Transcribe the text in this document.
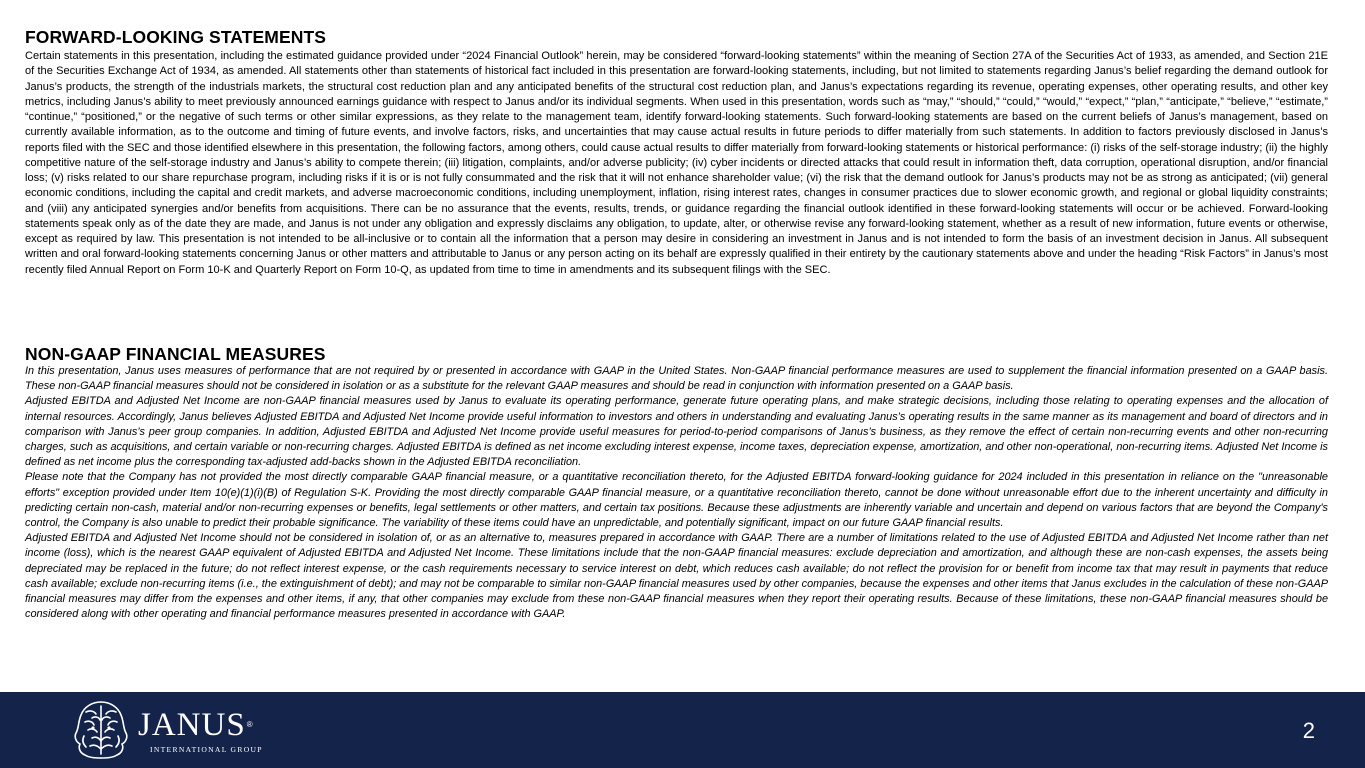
FORWARD-LOOKING STATEMENTS

Certain statements in this presentation, including the estimated guidance provided under “2024 Financial Outlook” herein, may be considered “forward-looking statements” within the meaning of Section 27A of the Securities Act of 1933, as amended, and Section 21E of the Securities Exchange Act of 1934, as amended. All statements other than statements of historical fact included in this presentation are forward-looking statements, including, but not limited to statements regarding Janus’s belief regarding the demand outlook for Janus’s products, the strength of the industrials markets, the structural cost reduction plan and any anticipated benefits of the structural cost reduction plan, and Janus’s expectations regarding its revenue, operating expenses, other operating results, and other key metrics, including Janus’s ability to meet previously announced earnings guidance with respect to Janus and/or its individual segments. When used in this presentation, words such as “may,” “should,” “could,” “would,” “expect,” “plan,” “anticipate,” “believe,” “estimate,” “continue,” “positioned,” or the negative of such terms or other similar expressions, as they relate to the management team, identify forward-looking statements. Such forward-looking statements are based on the current beliefs of Janus’s management, based on currently available information, as to the outcome and timing of future events, and involve factors, risks, and uncertainties that may cause actual results in future periods to differ materially from such statements. In addition to factors previously disclosed in Janus’s reports filed with the SEC and those identified elsewhere in this presentation, the following factors, among others, could cause actual results to differ materially from forward-looking statements or historical performance: (i) risks of the self-storage industry; (ii) the highly competitive nature of the self-storage industry and Janus’s ability to compete therein; (iii) litigation, complaints, and/or adverse publicity; (iv) cyber incidents or directed attacks that could result in information theft, data corruption, operational disruption, and/or financial loss; (v) risks related to our share repurchase program, including risks if it is or is not fully consummated and the risk that it will not enhance shareholder value; (vi) the risk that the demand outlook for Janus’s products may not be as strong as anticipated; (vii) general economic conditions, including the capital and credit markets, and adverse macroeconomic conditions, including unemployment, inflation, rising interest rates, changes in consumer practices due to slower economic growth, and regional or global liquidity constraints; and (viii) any anticipated synergies and/or benefits from acquisitions. There can be no assurance that the events, results, trends, or guidance regarding the financial outlook identified in these forward-looking statements will occur or be achieved. Forward-looking statements speak only as of the date they are made, and Janus is not under any obligation and expressly disclaims any obligation, to update, alter, or otherwise revise any forward-looking statement, whether as a result of new information, future events or otherwise, except as required by law. This presentation is not intended to be all-inclusive or to contain all the information that a person may desire in considering an investment in Janus and is not intended to form the basis of an investment decision in Janus. All subsequent written and oral forward-looking statements concerning Janus or other matters and attributable to Janus or any person acting on its behalf are expressly qualified in their entirety by the cautionary statements above and under the heading “Risk Factors” in Janus’s most recently filed Annual Report on Form 10-K and Quarterly Report on Form 10-Q, as updated from time to time in amendments and its subsequent filings with the SEC.

NON-GAAP FINANCIAL MEASURES

In this presentation, Janus uses measures of performance that are not required by or presented in accordance with GAAP in the United States. Non-GAAP financial performance measures are used to supplement the financial information presented on a GAAP basis. These non-GAAP financial measures should not be considered in isolation or as a substitute for the relevant GAAP measures and should be read in conjunction with information presented on a GAAP basis.

Adjusted EBITDA and Adjusted Net Income are non-GAAP financial measures used by Janus to evaluate its operating performance, generate future operating plans, and make strategic decisions, including those relating to operating expenses and the allocation of internal resources. Accordingly, Janus believes Adjusted EBITDA and Adjusted Net Income provide useful information to investors and others in understanding and evaluating Janus’s operating results in the same manner as its management and board of directors and in comparison with Janus’s peer group companies. In addition, Adjusted EBITDA and Adjusted Net Income provide useful measures for period-to-period comparisons of Janus’s business, as they remove the effect of certain non-recurring events and other non-recurring charges, such as acquisitions, and certain variable or non-recurring charges. Adjusted EBITDA is defined as net income excluding interest expense, income taxes, depreciation expense, amortization, and other non-operational, non-recurring items. Adjusted Net Income is defined as net income plus the corresponding tax-adjusted add-backs shown in the Adjusted EBITDA reconciliation.

Please note that the Company has not provided the most directly comparable GAAP financial measure, or a quantitative reconciliation thereto, for the Adjusted EBITDA forward-looking guidance for 2024 included in this presentation in reliance on the "unreasonable efforts" exception provided under Item 10(e)(1)(i)(B) of Regulation S-K. Providing the most directly comparable GAAP financial measure, or a quantitative reconciliation thereto, cannot be done without unreasonable effort due to the inherent uncertainty and difficulty in predicting certain non-cash, material and/or non-recurring expenses or benefits, legal settlements or other matters, and certain tax positions. Because these adjustments are inherently variable and uncertain and depend on various factors that are beyond the Company's control, the Company is also unable to predict their probable significance. The variability of these items could have an unpredictable, and potentially significant, impact on our future GAAP financial results.

Adjusted EBITDA and Adjusted Net Income should not be considered in isolation of, or as an alternative to, measures prepared in accordance with GAAP. There are a number of limitations related to the use of Adjusted EBITDA and Adjusted Net Income rather than net income (loss), which is the nearest GAAP equivalent of Adjusted EBITDA and Adjusted Net Income. These limitations include that the non-GAAP financial measures: exclude depreciation and amortization, and although these are non-cash expenses, the assets being depreciated may be replaced in the future; do not reflect interest expense, or the cash requirements necessary to service interest on debt, which reduces cash available; do not reflect the provision for or benefit from income tax that may result in payments that reduce cash available; exclude non-recurring items (i.e., the extinguishment of debt); and may not be comparable to similar non-GAAP financial measures used by other companies, because the expenses and other items that Janus excludes in the calculation of these non-GAAP financial measures may differ from the expenses and other items, if any, that other companies may exclude from these non-GAAP financial measures when they report their operating results. Because of these limitations, these non-GAAP financial measures should be considered along with other operating and financial performance measures presented in accordance with GAAP.

JANUS®
INTERNATIONAL GROUP
2
